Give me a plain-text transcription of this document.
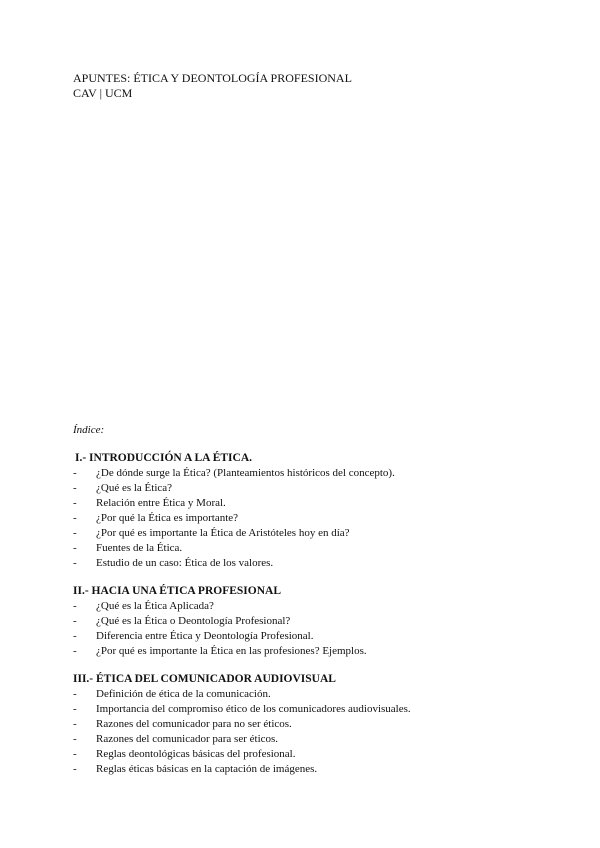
APUNTES: ÉTICA Y DEONTOLOGÍA PROFESIONAL
CAV | UCM
Índice:
I.- INTRODUCCIÓN A LA ÉTICA.
-	¿De dónde surge la Ética? (Planteamientos históricos del concepto).
-	¿Qué es la Ética?
-	Relación entre Ética y Moral.
-	¿Por qué la Ética es importante?
-	¿Por qué es importante la Ética de Aristóteles hoy en día?
-	Fuentes de la Ética.
-	Estudio de un caso: Ética de los valores.
II.- HACIA UNA ÉTICA PROFESIONAL
-	¿Qué es la Ética Aplicada?
-	¿Qué es la Ética o Deontología Profesional?
-	Diferencia entre Ética y Deontología Profesional.
-	¿Por qué es importante la Ética en las profesiones? Ejemplos.
III.- ÉTICA DEL COMUNICADOR AUDIOVISUAL
-	Definición de ética de la comunicación.
-	Importancia del compromiso ético de los comunicadores audiovisuales.
-	Razones del comunicador para no ser éticos.
-	Razones del comunicador para ser éticos.
-	Reglas deontológicas básicas del profesional.
-	Reglas éticas básicas en la captación de imágenes.
